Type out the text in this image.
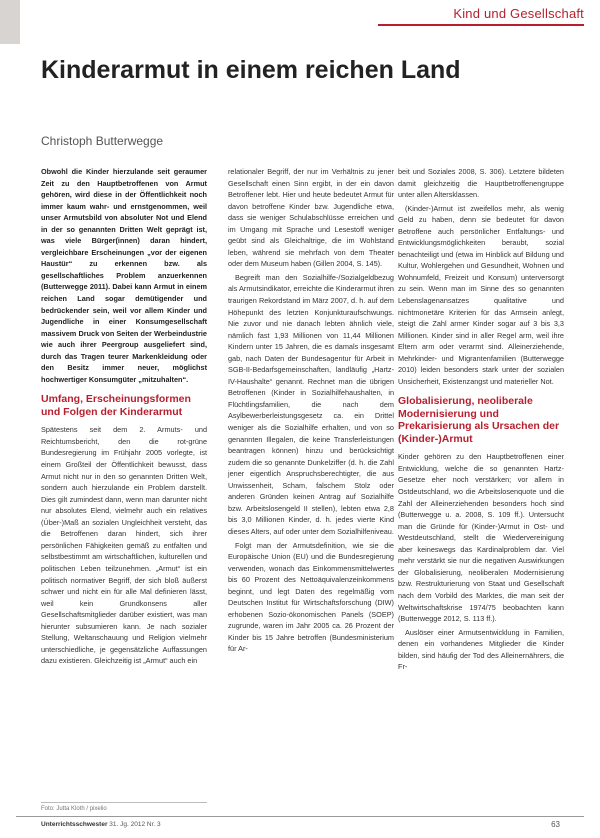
Kind und Gesellschaft
Kinderarmut in einem reichen Land
Christoph Butterwegge

Obwohl die Kinder hierzulande seit geraumer Zeit zu den Hauptbetroffenen von Armut gehören, wird diese in der Öffentlichkeit noch immer kaum wahr- und ernstgenommen, weil unser Armutsbild von absoluter Not und Elend in der so genannten Dritten Welt geprägt ist, was viele Bürger(innen) daran hindert, vergleichbare Erscheinungen „vor der eigenen Haustür“ zu erkennen bzw. als gesellschaftliches Problem anzuerkennen (Butterwegge 2011). Dabei kann Armut in einem reichen Land sogar demütigender und bedrückender sein, weil vor allem Kinder und Jugendliche in einer Konsumgesellschaft massivem Druck von Seiten der Werbeindustrie wie auch ihrer Peergroup ausgeliefert sind, durch das Tragen teurer Markenkleidung oder den Besitz immer neuer, möglichst hochwertiger Konsumgüter „mitzuhalten“.

Umfang, Erscheinungsformen und Folgen der Kinderarmut

Spätestens seit dem 2. Armuts- und Reichtumsbericht, den die rot-grüne Bundesregierung im Frühjahr 2005 vorlegte, ist einem Großteil der Öffentlichkeit bewusst, dass Armut nicht nur in den so genannten Dritten Welt, sondern auch hierzulande ein Problem darstellt. Dies gilt zumindest dann, wenn man darunter nicht nur absolutes Elend, vielmehr auch ein relatives (Über-)Maß an sozialen Ungleichheit versteht, das die Betroffenen daran hindert, sich ihrer persönlichen Fähigkeiten gemäß zu entfalten und selbstbestimmt am wirtschaftlichen, kulturellen und politischen Leben teilzunehmen. „Armut“ ist ein politisch normativer Begriff, der sich bloß äußerst schwer und nicht ein für alle Mal definieren lässt, weil kein Grundkonsens aller Gesellschaftsmitglieder darüber existiert, was man hierunter subsumieren kann. Je nach sozialer Stellung, Weltanschauung und Religion vielmehr unterschiedliche, je gegensätzliche Auffassungen dazu existieren. Gleichzeitig ist „Armut“ auch ein

relationaler Begriff, der nur im Verhältnis zu jener Gesellschaft einen Sinn ergibt, in der ein davon Betroffener lebt. Hier und heute bedeutet Armut für davon betroffene Kinder bzw. Jugendliche etwa, dass sie weniger Schulabschlüsse erreichen und im Umgang mit Sprache und Lesestoff weniger geübt sind als Gleichaltrige, die im Wohlstand leben, während sie mehrfach von dem Theater oder dem Museum haben (Gillen 2004, S. 145).

Begreift man den Sozialhilfe-/Sozialgeldbezug als Armutsindikator, erreichte die Kinderarmut ihren traurigen Rekordstand im März 2007, d. h. auf dem Höhepunkt des letzten Konjunkturaufschwungs. Nie zuvor und nie danach lebten ähnlich viele, nämlich fast 1,93 Millionen von 11,44 Millionen Kindern unter 15 Jahren, die es damals insgesamt gab, nach Daten der Bundesagentur für Arbeit in SGB-II-Bedarfsgemeinschaften, landläufig „Hartz-IV-Haushalte“ genannt. Rechnet man die übrigen Betroffenen (Kinder in Sozialhilfehaushalten, in Flüchtlingsfamilien, die nach dem Asylbewerberleistungsgesetz ca. ein Drittel weniger als die Sozialhilfe erhalten, und von so genannten Illegalen, die keine Transferleistungen beantragen können) hinzu und berücksichtigt zudem die so genannte Dunkelziffer (d. h. die Zahl jener eigentlich Anspruchsberechtigter, die aus Unwissenheit, Scham, falschem Stolz oder anderen Gründen keinen Antrag auf Sozialhilfe bzw. Arbeitslosengeld II stellen), lebten etwa 2,8 bis 3,0 Millionen Kinder, d. h. jedes vierte Kind dieses Alters, auf oder unter dem Sozialhilfeniveau.

Folgt man der Armutsdefinition, wie sie die Europäische Union (EU) und die Bundesregierung verwenden, wonach das Einkommensmittelwertes bis 60 Prozent des Nettoäquivalenzeinkommens beginnt, und legt Daten des regelmäßig vom Deutschen Institut für Wirtschaftsforschung (DIW) erhobenen Sozio-ökonomischen Panels (SOEP) zugrunde, waren im Jahr 2005 ca. 26 Prozent der Kinder bis 15 Jahre betroffen (Bundesministerium für Ar-

beit und Soziales 2008, S. 306). Letztere bildeten damit gleichzeitig die Hauptbetroffenengruppe unter allen Altersklassen.

(Kinder-)Armut ist zweifellos mehr, als wenig Geld zu haben, denn sie bedeutet für davon Betroffene auch persönlicher Entfaltungs- und Entwicklungsmöglichkeiten beraubt, sozial benachteiligt und (etwa im Hinblick auf Bildung und Kultur, Wohlergehen und Gesundheit, Wohnen und Wohnumfeld, Freizeit und Konsum) unterversorgt zu sein. Wenn man im Sinne des so genannten Lebenslagenansatzes qualitative und nichtmonetäre Kriterien für das Armsein anlegt, steigt die Zahl armer Kinder sogar auf 3 bis 3,3 Millionen. Kinder sind in aller Regel arm, weil ihre Eltern arm oder verarmt sind. Alleinerziehende, Mehrkinder- und Migrantenfamilien (Butterwegge 2010) leiden besonders stark unter der sozialen Unsicherheit, Existenzangst und materieller Not.

Globalisierung, neoliberale Modernisierung und Prekarisierung als Ursachen der (Kinder-)Armut

Kinder gehören zu den Hauptbetroffenen einer Entwicklung, welche die so genannten Hartz-Gesetze eher noch verstärken; vor allem in Ostdeutschland, wo die Arbeitslosenquote und die Zahl der Alleinerziehenden besonders hoch sind (Butterwegge u. a. 2008, S. 109 ff.). Untersucht man die Gründe für (Kinder-)Armut in Ost- und Westdeutschland, stellt die Wiedervereinigung aber keineswegs das Kardinalproblem dar. Viel mehr verstärkt sie nur die negativen Auswirkungen der Globalisierung, neoliberalen Modernisierung bzw. Restrukturierung von Staat und Gesellschaft nach dem Vorbild des Marktes, die man seit der Weltwirtschaftskrise 1974/75 beobachten kann (Butterwegge 2012, S. 113 ff.).

Auslöser einer Armutsentwicklung in Familien, denen ein vorhandenes Mitglieder die Kinder bilden, sind häufig der Tod des Alleinernährers, die Fr-

Foto: Jutta Kloth / pixelio
Unterrichtsschwester 31. Jg. 2012 Nr. 3	63
